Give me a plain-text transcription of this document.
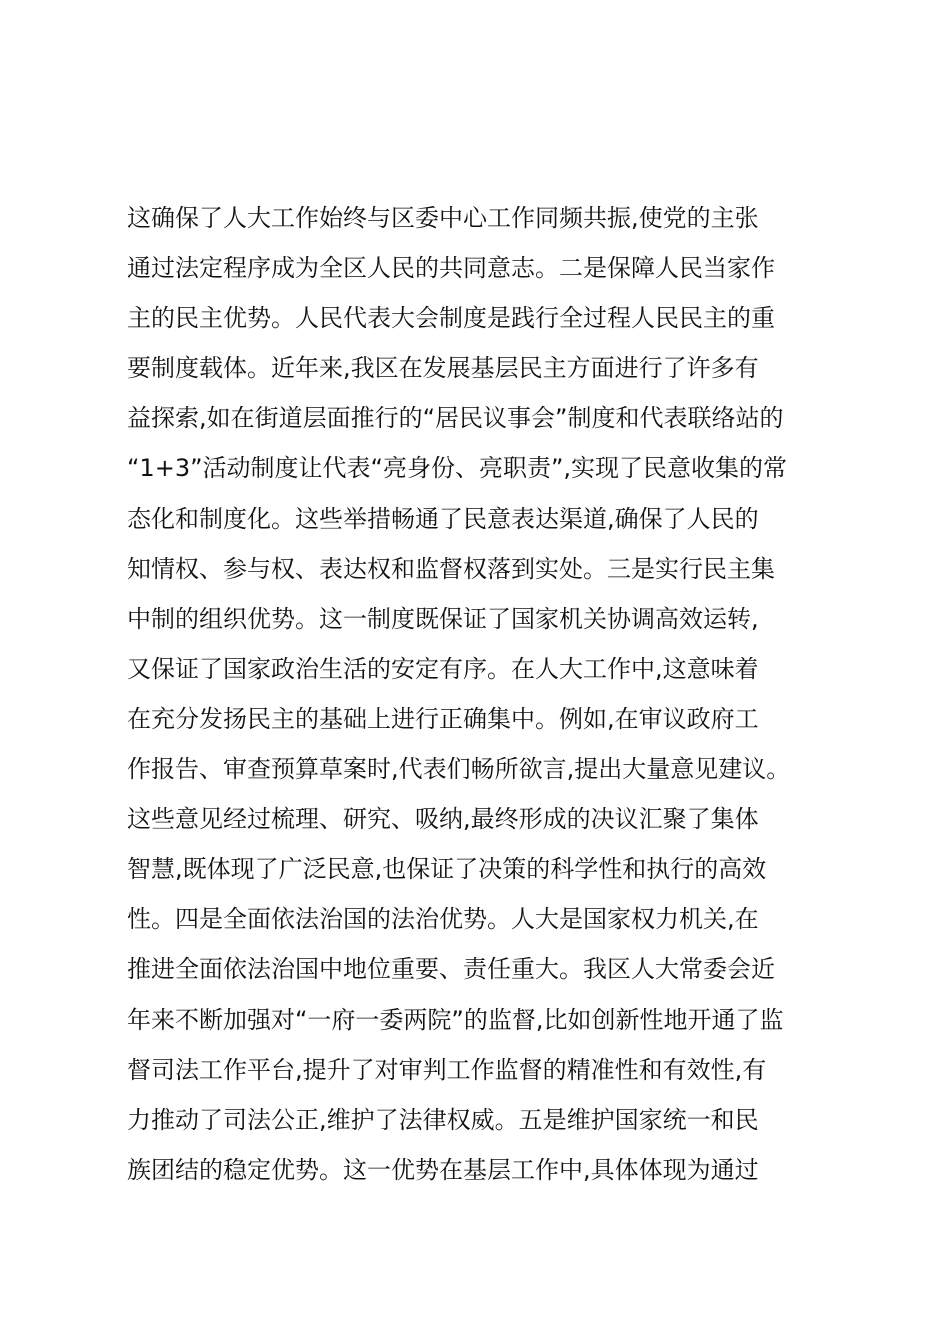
这确保了人大工作始终与区委中心工作同频共振,使党的主张
通过法定程序成为全区人民的共同意志。二是保障人民当家作
主的民主优势。人民代表大会制度是践行全过程人民民主的重
要制度载体。近年来,我区在发展基层民主方面进行了许多有
益探索,如在街道层面推行的“居民议事会”制度和代表联络站的
“1+3”活动制度让代表“亮身份、亮职责”,实现了民意收集的常
态化和制度化。这些举措畅通了民意表达渠道,确保了人民的
知情权、参与权、表达权和监督权落到实处。三是实行民主集
中制的组织优势。这一制度既保证了国家机关协调高效运转,
又保证了国家政治生活的安定有序。在人大工作中,这意味着
在充分发扬民主的基础上进行正确集中。例如,在审议政府工
作报告、审查预算草案时,代表们畅所欲言,提出大量意见建议。
这些意见经过梳理、研究、吸纳,最终形成的决议汇聚了集体
智慧,既体现了广泛民意,也保证了决策的科学性和执行的高效
性。四是全面依法治国的法治优势。人大是国家权力机关,在
推进全面依法治国中地位重要、责任重大。我区人大常委会近
年来不断加强对“一府一委两院”的监督,比如创新性地开通了监
督司法工作平台,提升了对审判工作监督的精准性和有效性,有
力推动了司法公正,维护了法律权威。五是维护国家统一和民
族团结的稳定优势。这一优势在基层工作中,具体体现为通过
